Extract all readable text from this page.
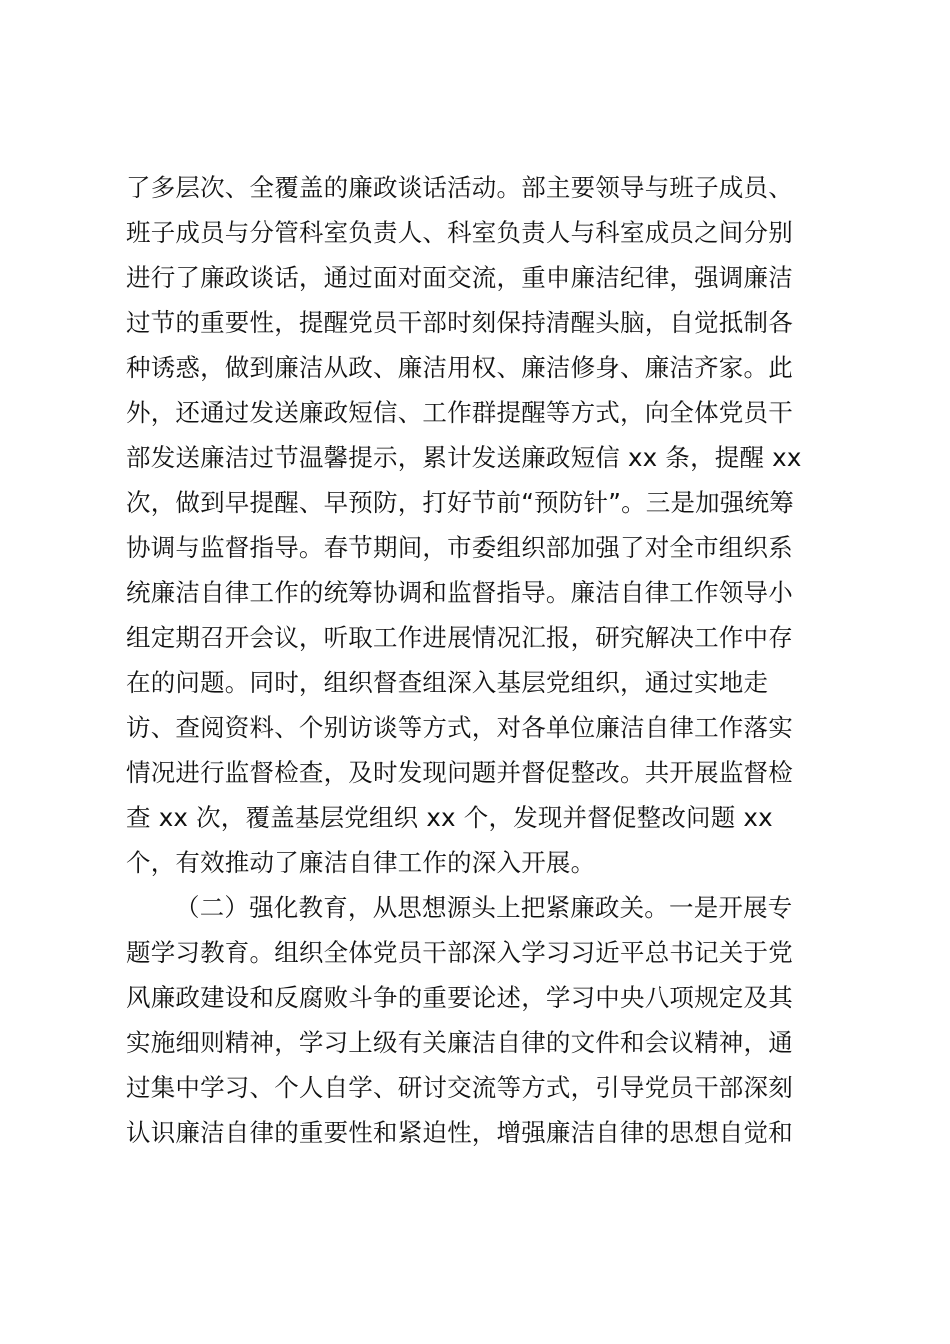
了多层次、全覆盖的廉政谈话活动。部主要领导与班子成员、
班子成员与分管科室负责人、科室负责人与科室成员之间分别
进行了廉政谈话，通过面对面交流，重申廉洁纪律，强调廉洁
过节的重要性，提醒党员干部时刻保持清醒头脑，自觉抵制各
种诱惑，做到廉洁从政、廉洁用权、廉洁修身、廉洁齐家。此
外，还通过发送廉政短信、工作群提醒等方式，向全体党员干
部发送廉洁过节温馨提示，累计发送廉政短信 xx 条，提醒 xx
次，做到早提醒、早预防，打好节前“预防针”。三是加强统筹
协调与监督指导。春节期间，市委组织部加强了对全市组织系
统廉洁自律工作的统筹协调和监督指导。廉洁自律工作领导小
组定期召开会议，听取工作进展情况汇报，研究解决工作中存
在的问题。同时，组织督查组深入基层党组织，通过实地走
访、查阅资料、个别访谈等方式，对各单位廉洁自律工作落实
情况进行监督检查，及时发现问题并督促整改。共开展监督检
查 xx 次，覆盖基层党组织 xx 个，发现并督促整改问题 xx
个，有效推动了廉洁自律工作的深入开展。
（二）强化教育，从思想源头上把紧廉政关。一是开展专
题学习教育。组织全体党员干部深入学习习近平总书记关于党
风廉政建设和反腐败斗争的重要论述，学习中央八项规定及其
实施细则精神，学习上级有关廉洁自律的文件和会议精神，通
过集中学习、个人自学、研讨交流等方式，引导党员干部深刻
认识廉洁自律的重要性和紧迫性，增强廉洁自律的思想自觉和
